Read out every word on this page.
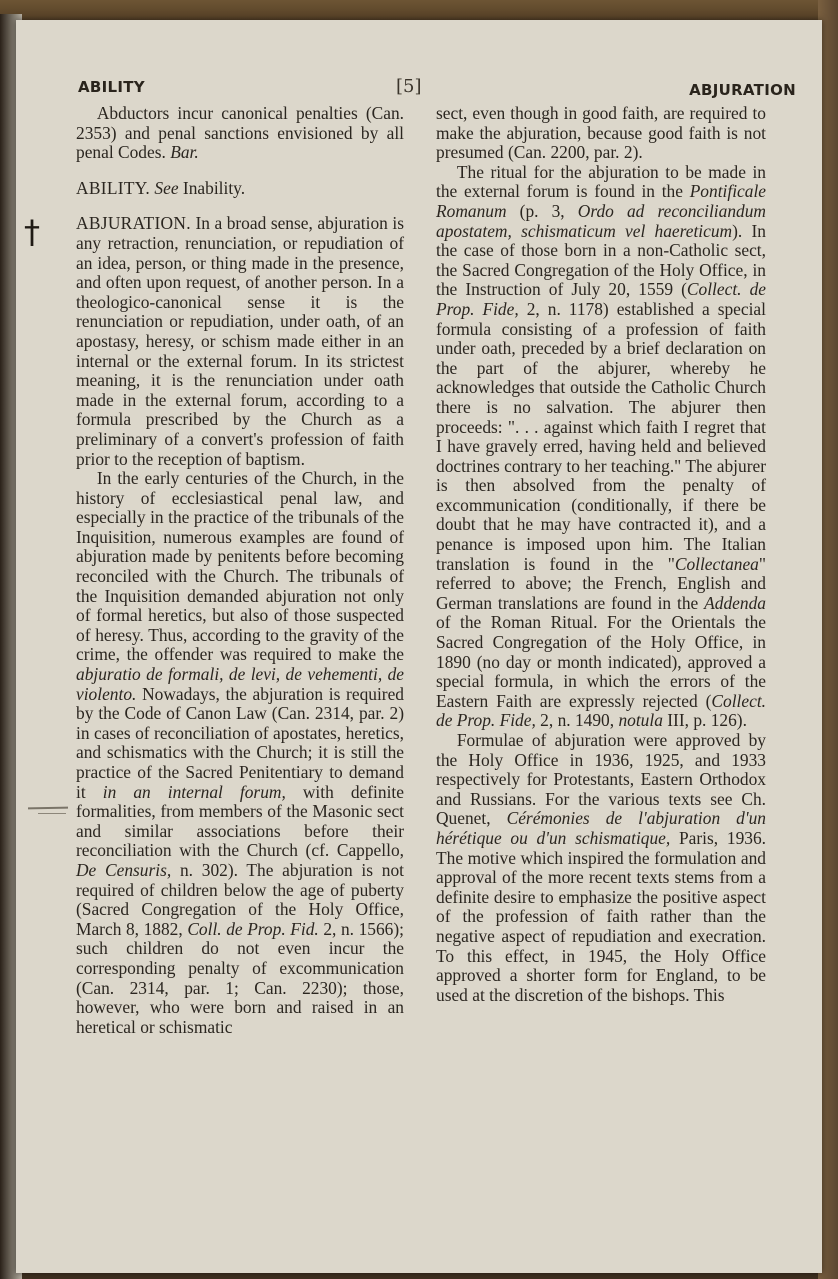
ABILITY	[5]	ABJURATION
†

Abductors incur canonical penalties (Can. 2353) and penal sanctions envisioned by all penal Codes. Bar.

ABILITY. See Inability.

ABJURATION. In a broad sense, abjuration is any retraction, renunciation, or repudiation of an idea, person, or thing made in the presence, and often upon request, of another person. In a theologico-canonical sense it is the renunciation or repudiation, under oath, of an apostasy, heresy, or schism made either in an internal or the external forum. In its strictest meaning, it is the renunciation under oath made in the external forum, according to a formula prescribed by the Church as a preliminary of a convert's profession of faith prior to the reception of baptism.

In the early centuries of the Church, in the history of ecclesiastical penal law, and especially in the practice of the tribunals of the Inquisition, numerous examples are found of abjuration made by penitents before becoming reconciled with the Church. The tribunals of the Inquisition demanded abjuration not only of formal heretics, but also of those suspected of heresy. Thus, according to the gravity of the crime, the offender was required to make the abjuratio de formali, de levi, de vehementi, de violento. Nowadays, the abjuration is required by the Code of Canon Law (Can. 2314, par. 2) in cases of reconciliation of apostates, heretics, and schismatics with the Church; it is still the practice of the Sacred Penitentiary to demand it in an internal forum, with definite formalities, from members of the Masonic sect and similar associations before their reconciliation with the Church (cf. Cappello, De Censuris, n. 302). The abjuration is not required of children below the age of puberty (Sacred Congregation of the Holy Office, March 8, 1882, Coll. de Prop. Fid. 2, n. 1566); such children do not even incur the corresponding penalty of excommunication (Can. 2314, par. 1; Can. 2230); those, however, who were born and raised in an heretical or schismatic

sect, even though in good faith, are required to make the abjuration, because good faith is not presumed (Can. 2200, par. 2).

The ritual for the abjuration to be made in the external forum is found in the Pontificale Romanum (p. 3, Ordo ad reconciliandum apostatem, schismaticum vel haereticum). In the case of those born in a non-Catholic sect, the Sacred Congregation of the Holy Office, in the Instruction of July 20, 1559 (Collect. de Prop. Fide, 2, n. 1178) established a special formula consisting of a profession of faith under oath, preceded by a brief declaration on the part of the abjurer, whereby he acknowledges that outside the Catholic Church there is no salvation. The abjurer then proceeds: ". . . against which faith I regret that I have gravely erred, having held and believed doctrines contrary to her teaching." The abjurer is then absolved from the penalty of excommunication (conditionally, if there be doubt that he may have contracted it), and a penance is imposed upon him. The Italian translation is found in the "Collectanea" referred to above; the French, English and German translations are found in the Addenda of the Roman Ritual. For the Orientals the Sacred Congregation of the Holy Office, in 1890 (no day or month indicated), approved a special formula, in which the errors of the Eastern Faith are expressly rejected (Collect. de Prop. Fide, 2, n. 1490, notula III, p. 126).

Formulae of abjuration were approved by the Holy Office in 1936, 1925, and 1933 respectively for Protestants, Eastern Orthodox and Russians. For the various texts see Ch. Quenet, Cérémonies de l'abjuration d'un hérétique ou d'un schismatique, Paris, 1936. The motive which inspired the formulation and approval of the more recent texts stems from a definite desire to emphasize the positive aspect of the profession of faith rather than the negative aspect of repudiation and execration. To this effect, in 1945, the Holy Office approved a shorter form for England, to be used at the discretion of the bishops. This
